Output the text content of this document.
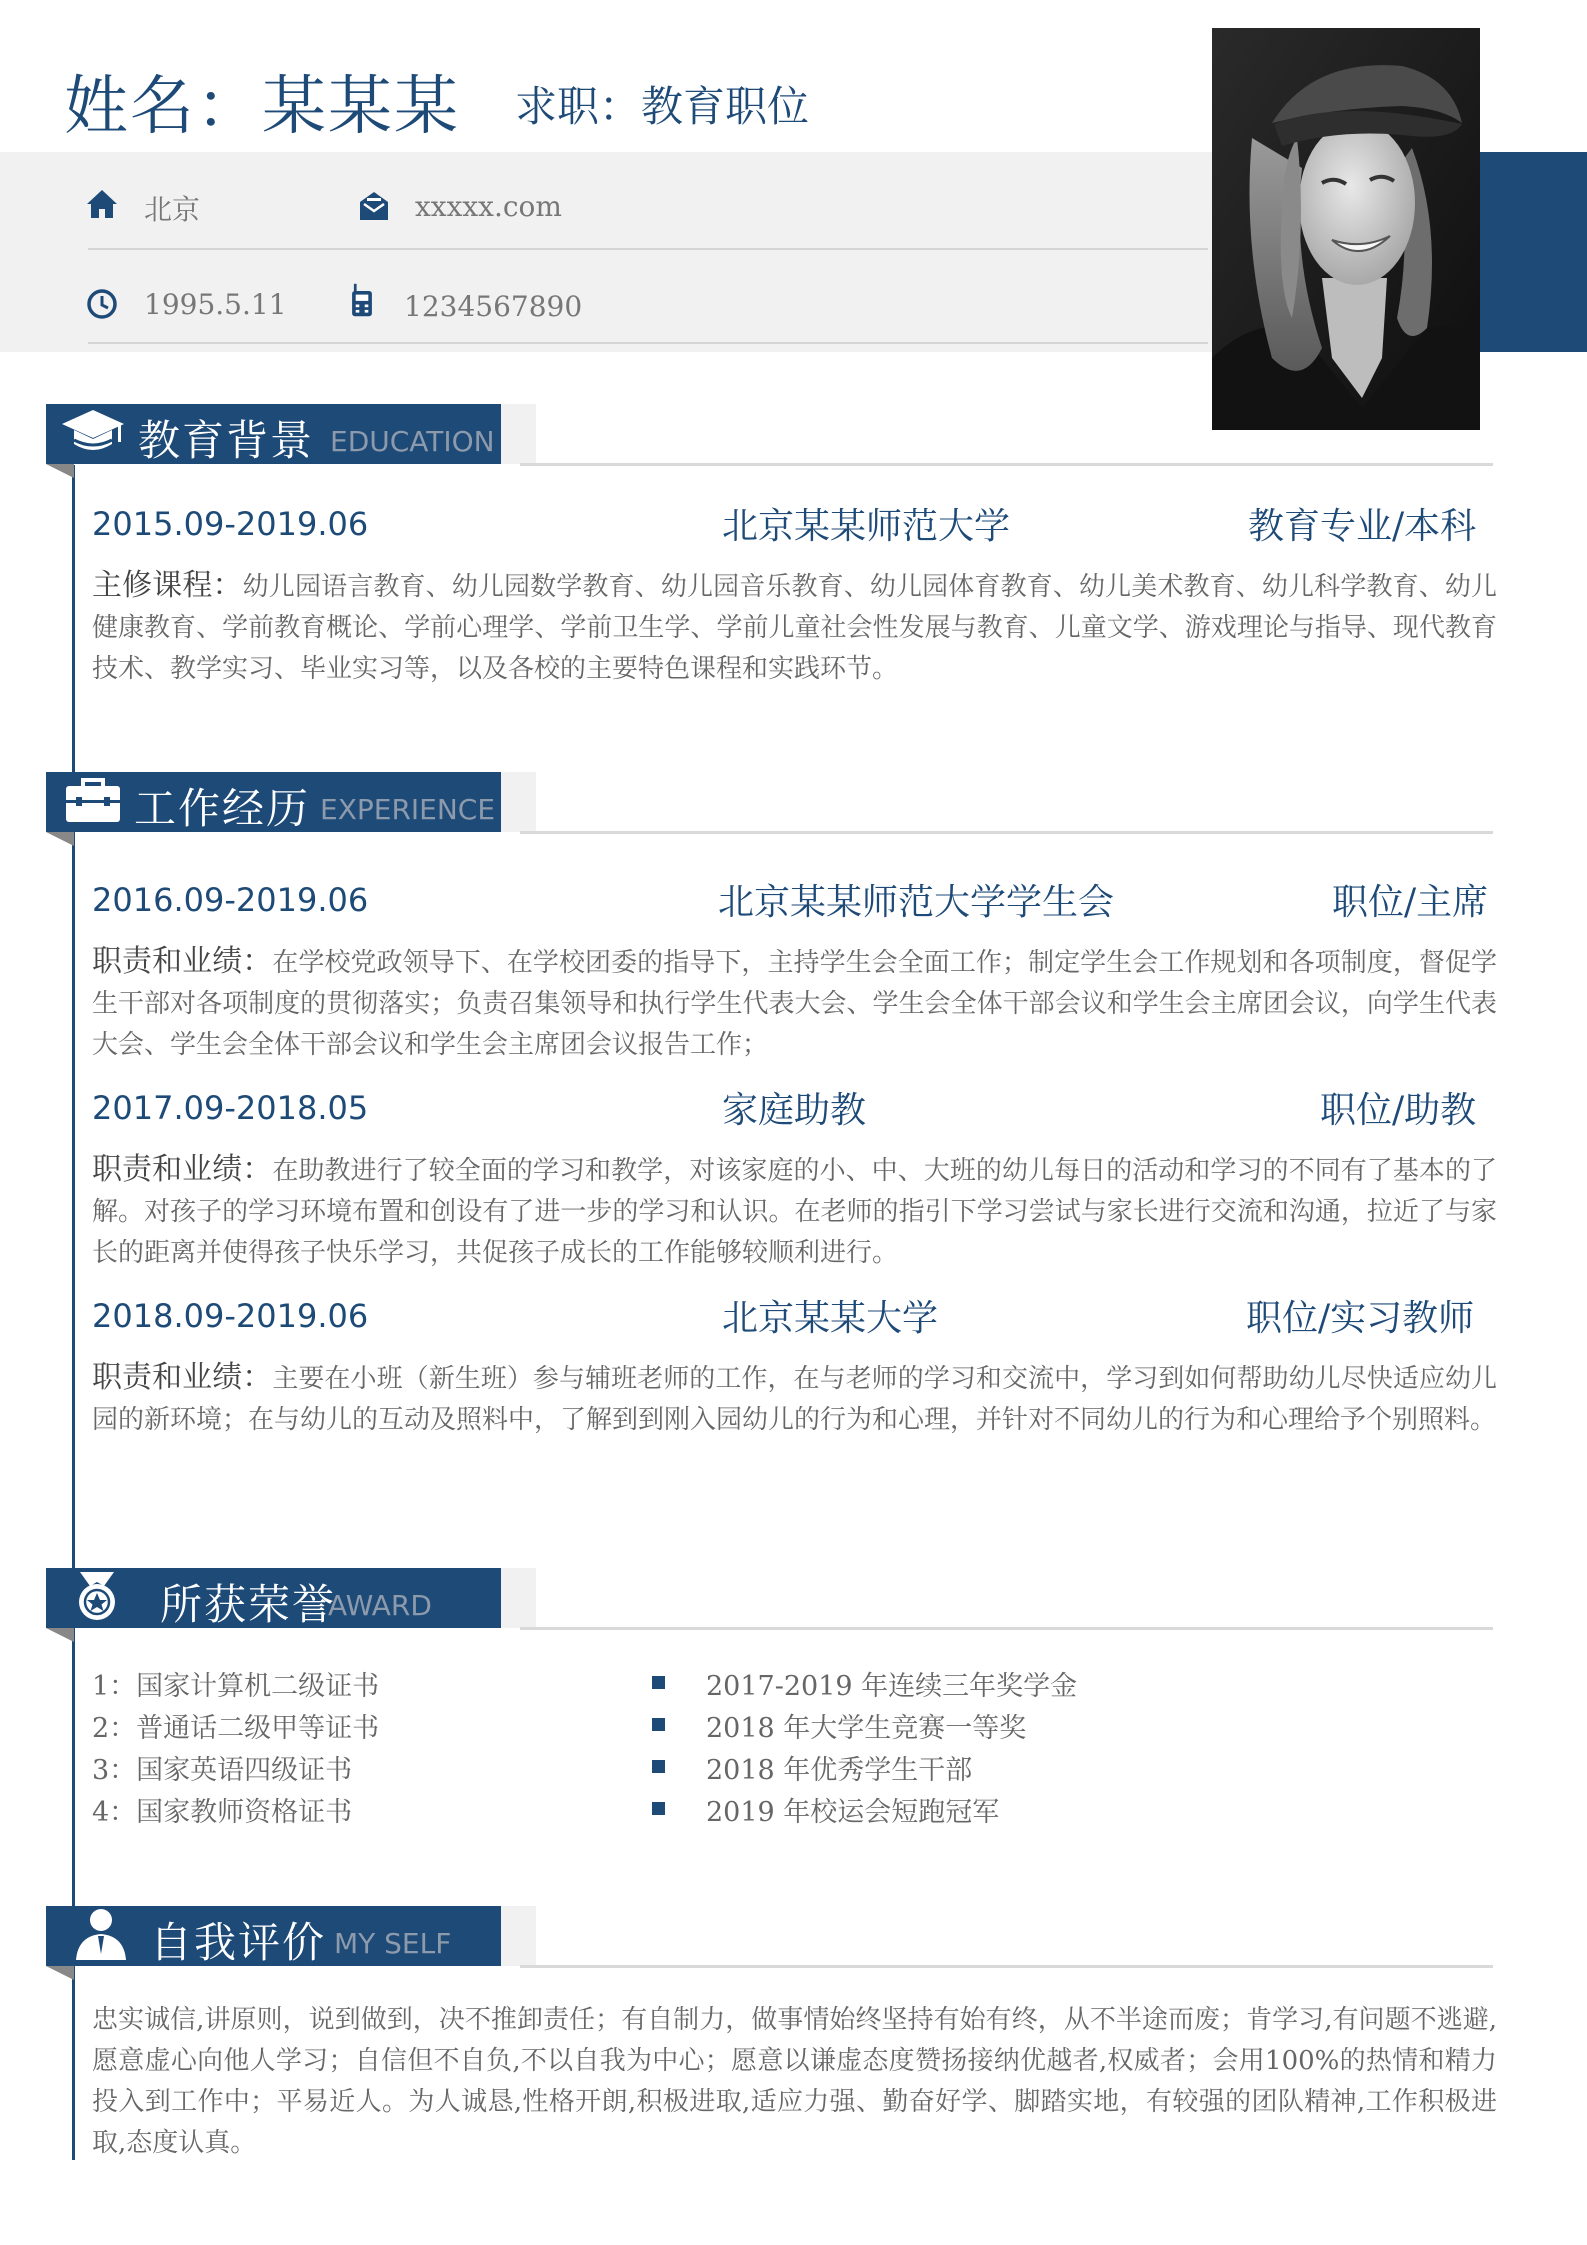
姓名：某某某 求职：教育职位
北京	xxxxx.com
1995.5.11	1234567890
教育背景 EDUCATION
2015.09-2019.06	北京某某师范大学	教育专业/本科
主修课程：幼儿园语言教育、幼儿园数学教育、幼儿园音乐教育、幼儿园体育教育、幼儿美术教育、幼儿科学教育、幼儿健康教育、学前教育概论、学前心理学、学前卫生学、学前儿童社会性发展与教育、儿童文学、游戏理论与指导、现代教育技术、教学实习、毕业实习等，以及各校的主要特色课程和实践环节。
工作经历 EXPERIENCE
2016.09-2019.06	北京某某师范大学学生会	职位/主席
职责和业绩：在学校党政领导下、在学校团委的指导下，主持学生会全面工作；制定学生会工作规划和各项制度，督促学生干部对各项制度的贯彻落实；负责召集领导和执行学生代表大会、学生会全体干部会议和学生会主席团会议，向学生代表大会、学生会全体干部会议和学生会主席团会议报告工作；
2017.09-2018.05	家庭助教	职位/助教
职责和业绩：在助教进行了较全面的学习和教学，对该家庭的小、中、大班的幼儿每日的活动和学习的不同有了基本的了解。对孩子的学习环境布置和创设有了进一步的学习和认识。在老师的指引下学习尝试与家长进行交流和沟通，拉近了与家长的距离并使得孩子快乐学习，共促孩子成长的工作能够较顺利进行。
2018.09-2019.06	北京某某大学	职位/实习教师
职责和业绩：主要在小班（新生班）参与辅班老师的工作，在与老师的学习和交流中，学习到如何帮助幼儿尽快适应幼儿园的新环境；在与幼儿的互动及照料中，了解到到刚入园幼儿的行为和心理，并针对不同幼儿的行为和心理给予个别照料。
所获荣誉
AWARD
1：国家计算机二级证书
2：普通话二级甲等证书
3：国家英语四级证书
4：国家教师资格证书
2017-2019 年连续三年奖学金
2018 年大学生竞赛一等奖
2018 年优秀学生干部
2019 年校运会短跑冠军
自我评价 MY SELF
忠实诚信,讲原则，说到做到，决不推卸责任；有自制力，做事情始终坚持有始有终，从不半途而废；肯学习,有问题不逃避,愿意虚心向他人学习；自信但不自负,不以自我为中心；愿意以谦虚态度赞扬接纳优越者,权威者；会用100%的热情和精力投入到工作中；平易近人。为人诚恳,性格开朗,积极进取,适应力强、勤奋好学、脚踏实地，有较强的团队精神,工作积极进取,态度认真。
